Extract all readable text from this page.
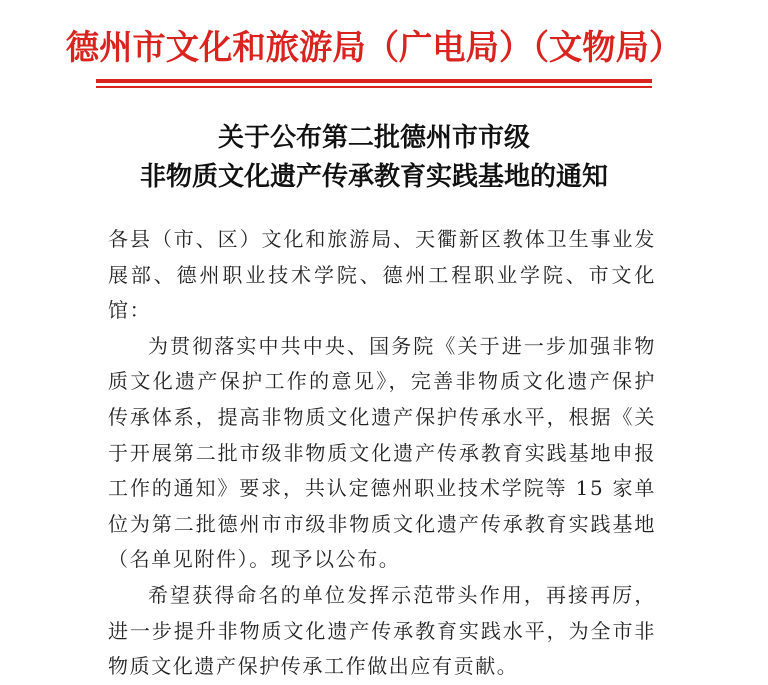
德州市文化和旅游局（广电局）（文物局）
关于公布第二批德州市市级
非物质文化遗产传承教育实践基地的通知

各县（市、区）文化和旅游局、天衢新区教体卫生事业发展部、德州职业技术学院、德州工程职业学院、市文化馆：

为贯彻落实中共中央、国务院《关于进一步加强非物质文化遗产保护工作的意见》，完善非物质文化遗产保护传承体系，提高非物质文化遗产保护传承水平，根据《关于开展第二批市级非物质文化遗产传承教育实践基地申报工作的通知》要求，共认定德州职业技术学院等 15 家单位为第二批德州市市级非物质文化遗产传承教育实践基地（名单见附件）。现予以公布。

希望获得命名的单位发挥示范带头作用，再接再厉，进一步提升非物质文化遗产传承教育实践水平，为全市非物质文化遗产保护传承工作做出应有贡献。
